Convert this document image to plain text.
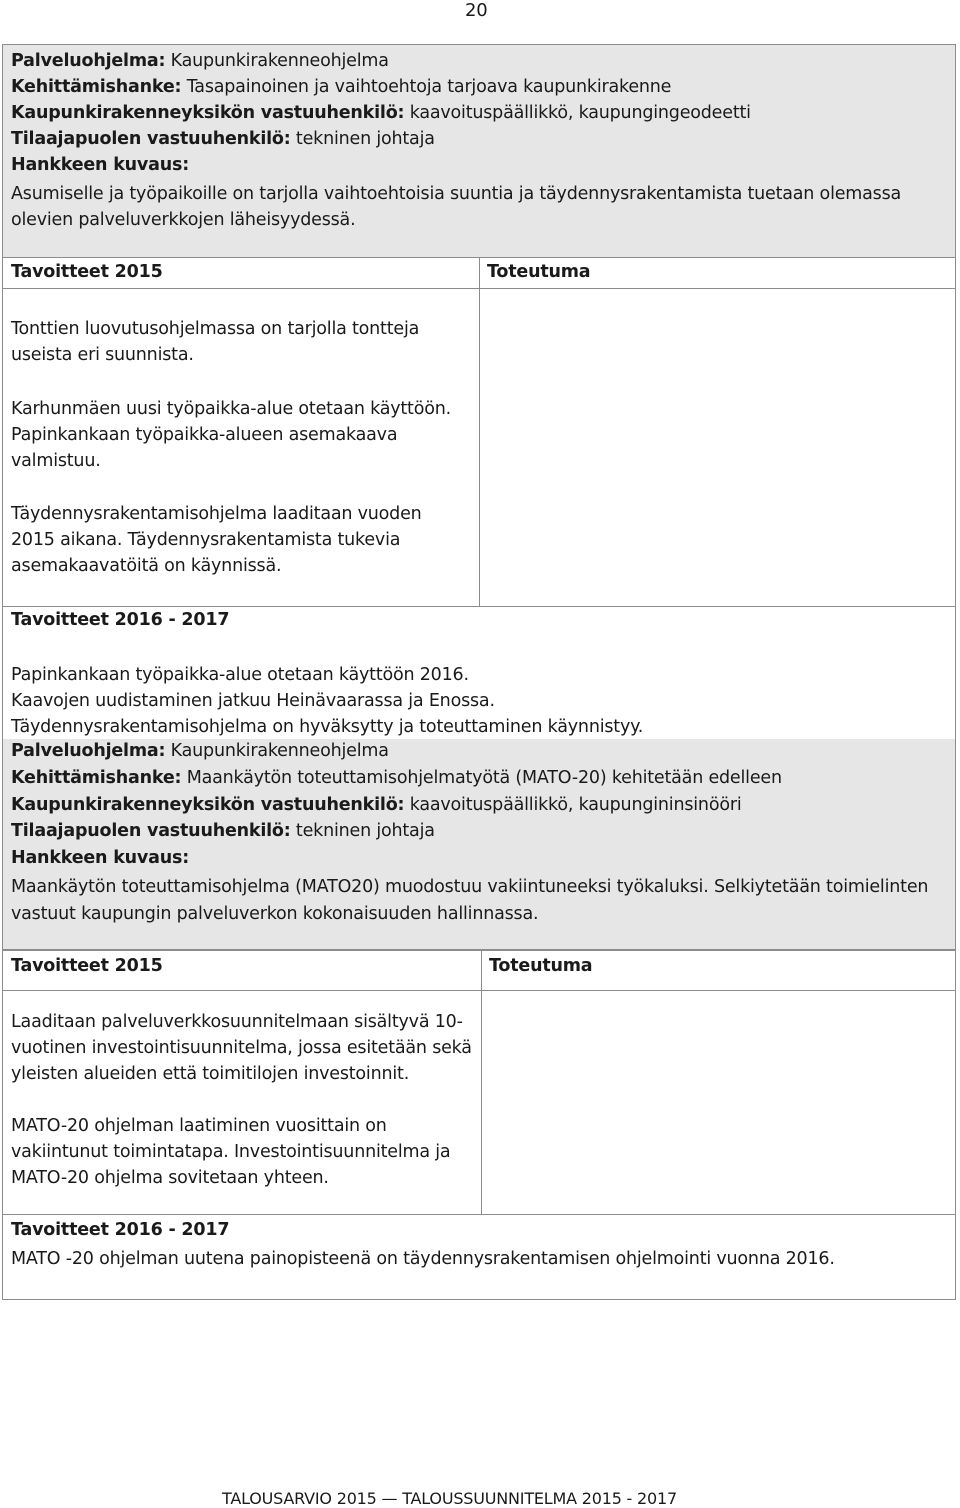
20
Palveluohjelma: Kaupunkirakenneohjelma
Kehittämishanke: Tasapainoinen ja vaihtoehtoja tarjoava kaupunkirakenne
Kaupunkirakenneyksikön vastuuhenkilö: kaavoituspäällikkö, kaupungingeodeetti
Tilaajapuolen vastuuhenkilö: tekninen johtaja
Hankkeen kuvaus:
Asumiselle ja työpaikoille on tarjolla vaihtoehtoisia suuntia ja täydennysrakentamista tuetaan olemassa olevien palveluverkkojen läheisyydessä.
Tavoitteet 2015	Toteutuma
Tonttien luovutusohjelmassa on tarjolla tontteja useista eri suunnista.
Karhunmäen uusi työpaikka-alue otetaan käyttöön. Papinkankaan työpaikka-alueen asemakaava valmistuu.
Täydennysrakentamisohjelma laaditaan vuoden 2015 aikana. Täydennysrakentamista tukevia asemakaavatöitä on käynnissä.
Tavoitteet 2016 - 2017
Papinkankaan työpaikka-alue otetaan käyttöön 2016.
Kaavojen uudistaminen jatkuu Heinävaarassa ja Enossa.
Täydennysrakentamisohjelma on hyväksytty ja toteuttaminen käynnistyy.
Palveluohjelma: Kaupunkirakenneohjelma
Kehittämishanke: Maankäytön toteuttamisohjelmatyötä (MATO-20) kehitetään edelleen
Kaupunkirakenneyksikön vastuuhenkilö: kaavoituspäällikkö, kaupungininsinööri
Tilaajapuolen vastuuhenkilö: tekninen johtaja
Hankkeen kuvaus:
Maankäytön toteuttamisohjelma (MATO20) muodostuu vakiintuneeksi työkaluksi. Selkiytetään toimielinten vastuut kaupungin palveluverkon kokonaisuuden hallinnassa.
Tavoitteet 2015	Toteutuma
Laaditaan palveluverkkosuunnitelmaan sisältyvä 10-vuotinen investointisuunnitelma, jossa esitetään sekä yleisten alueiden että toimitilojen investoinnit.
MATO-20 ohjelman laatiminen vuosittain on vakiintunut toimintatapa. Investointisuunnitelma ja MATO-20 ohjelma sovitetaan yhteen.
Tavoitteet 2016 - 2017
MATO -20 ohjelman uutena painopisteenä on täydennysrakentamisen ohjelmointi vuonna 2016.
TALOUSARVIO 2015 — TALOUSSUUNNITELMA 2015 - 2017
